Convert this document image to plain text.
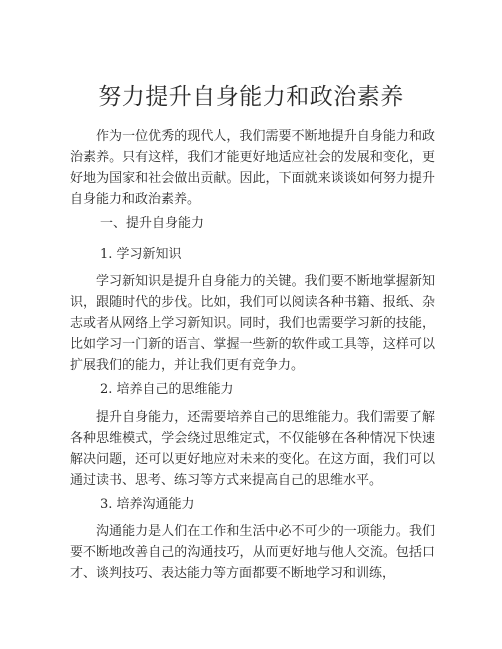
努力提升自身能力和政治素养

作为一位优秀的现代人，我们需要不断地提升自身能力和政治素养。只有这样，我们才能更好地适应社会的发展和变化，更好地为国家和社会做出贡献。因此，下面就来谈谈如何努力提升自身能力和政治素养。

一、提升自身能力

1. 学习新知识

学习新知识是提升自身能力的关键。我们要不断地掌握新知识，跟随时代的步伐。比如，我们可以阅读各种书籍、报纸、杂志或者从网络上学习新知识。同时，我们也需要学习新的技能，比如学习一门新的语言、掌握一些新的软件或工具等，这样可以扩展我们的能力，并让我们更有竞争力。

2. 培养自己的思维能力

提升自身能力，还需要培养自己的思维能力。我们需要了解各种思维模式，学会绕过思维定式，不仅能够在各种情况下快速解决问题，还可以更好地应对未来的变化。在这方面，我们可以通过读书、思考、练习等方式来提高自己的思维水平。

3. 培养沟通能力

沟通能力是人们在工作和生活中必不可少的一项能力。我们要不断地改善自己的沟通技巧，从而更好地与他人交流。包括口才、谈判技巧、表达能力等方面都要不断地学习和训练，
